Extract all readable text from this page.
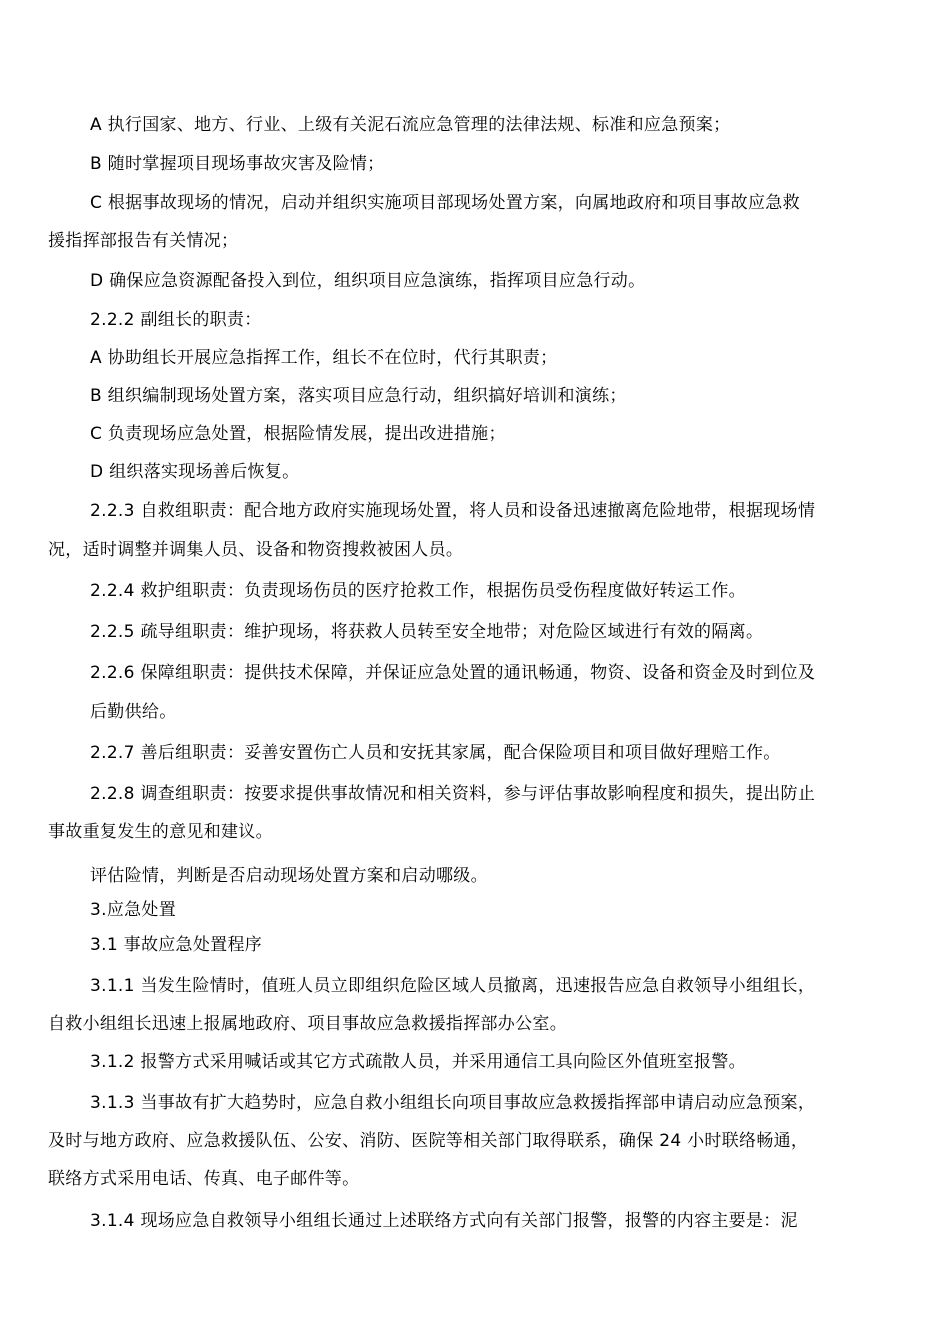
A 执行国家、地方、行业、上级有关泥石流应急管理的法律法规、标准和应急预案；
B 随时掌握项目现场事故灾害及险情；
C 根据事故现场的情况，启动并组织实施项目部现场处置方案，向属地政府和项目事故应急救
援指挥部报告有关情况；
D 确保应急资源配备投入到位，组织项目应急演练，指挥项目应急行动。
2.2.2 副组长的职责：
A 协助组长开展应急指挥工作，组长不在位时，代行其职责；
B 组织编制现场处置方案，落实项目应急行动，组织搞好培训和演练；
C 负责现场应急处置，根据险情发展，提出改进措施；
D 组织落实现场善后恢复。
2.2.3 自救组职责：配合地方政府实施现场处置，将人员和设备迅速撤离危险地带，根据现场情
况，适时调整并调集人员、设备和物资搜救被困人员。
2.2.4 救护组职责：负责现场伤员的医疗抢救工作，根据伤员受伤程度做好转运工作。
2.2.5 疏导组职责：维护现场，将获救人员转至安全地带；对危险区域进行有效的隔离。
2.2.6 保障组职责：提供技术保障，并保证应急处置的通讯畅通，物资、设备和资金及时到位及
后勤供给。
2.2.7 善后组职责：妥善安置伤亡人员和安抚其家属，配合保险项目和项目做好理赔工作。
2.2.8 调查组职责：按要求提供事故情况和相关资料，参与评估事故影响程度和损失，提出防止
事故重复发生的意见和建议。
评估险情，判断是否启动现场处置方案和启动哪级。
3.应急处置
3.1 事故应急处置程序
3.1.1 当发生险情时，值班人员立即组织危险区域人员撤离，迅速报告应急自救领导小组组长，
自救小组组长迅速上报属地政府、项目事故应急救援指挥部办公室。
3.1.2 报警方式采用喊话或其它方式疏散人员，并采用通信工具向险区外值班室报警。
3.1.3 当事故有扩大趋势时，应急自救小组组长向项目事故应急救援指挥部申请启动应急预案，
及时与地方政府、应急救援队伍、公安、消防、医院等相关部门取得联系，确保 24 小时联络畅通，
联络方式采用电话、传真、电子邮件等。
3.1.4 现场应急自救领导小组组长通过上述联络方式向有关部门报警，报警的内容主要是：泥
